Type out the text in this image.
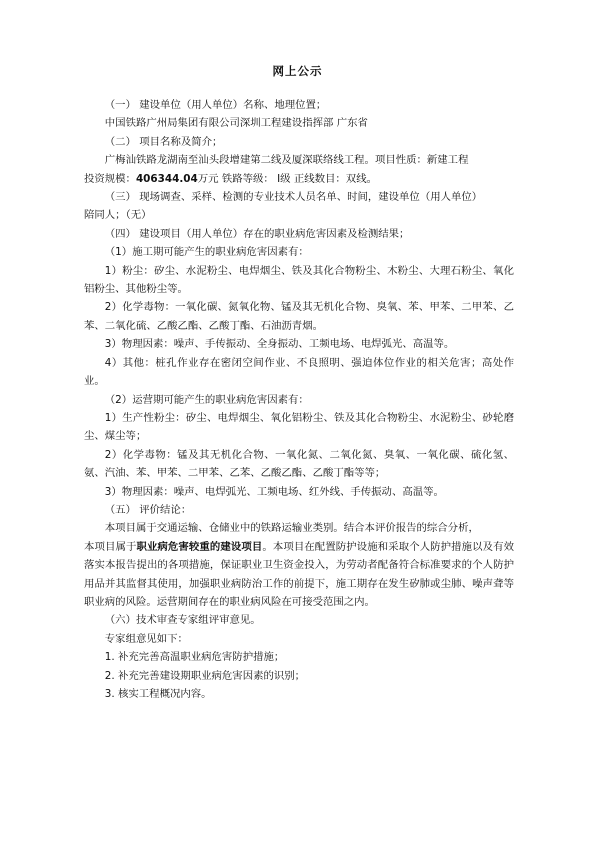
网上公示

（一） 建设单位（用人单位）名称、地理位置；

中国铁路广州局集团有限公司深圳工程建设指挥部 广东省

（二） 项目名称及简介；

广梅汕铁路龙湖南至汕头段增建第二线及厦深联络线工程。项目性质：新建工程

投资规模：406344.04万元 铁路等级： Ⅰ级 正线数目：双线。

（三） 现场调查、采样、检测的专业技术人员名单、时间，建设单位（用人单位）

陪同人；（无）

（四） 建设项目（用人单位）存在的职业病危害因素及检测结果；

（1）施工期可能产生的职业病危害因素有：

1）粉尘：矽尘、水泥粉尘、电焊烟尘、铁及其化合物粉尘、木粉尘、大理石粉尘、氧化铝粉尘、其他粉尘等。

2）化学毒物：一氧化碳、氮氧化物、锰及其无机化合物、臭氧、苯、甲苯、二甲苯、乙苯、二氧化硫、乙酸乙酯、乙酸丁酯、石油沥青烟。

3）物理因素：噪声、手传振动、全身振动、工频电场、电焊弧光、高温等。

4）其他：桩孔作业存在密闭空间作业、不良照明、强迫体位作业的相关危害；高处作业。

（2）运营期可能产生的职业病危害因素有：

1）生产性粉尘：矽尘、电焊烟尘、氧化铝粉尘、铁及其化合物粉尘、水泥粉尘、砂轮磨尘、煤尘等；

2）化学毒物：锰及其无机化合物、一氧化氮、二氧化氮、臭氧、一氧化碳、硫化氢、氨、汽油、苯、甲苯、二甲苯、乙苯、乙酸乙酯、乙酸丁酯等等；

3）物理因素：噪声、电焊弧光、工频电场、红外线、手传振动、高温等。

（五） 评价结论：

本项目属于交通运输、仓储业中的铁路运输业类别。结合本评价报告的综合分析，

本项目属于职业病危害较重的建设项目。本项目在配置防护设施和采取个人防护措施以及有效落实本报告提出的各项措施，保证职业卫生资金投入，为劳动者配备符合标准要求的个人防护用品并其监督其使用，加强职业病防治工作的前提下，施工期存在发生矽肺或尘肺、噪声聋等职业病的风险。运营期间存在的职业病风险在可接受范围之内。

（六）技术审查专家组评审意见。

专家组意见如下：

1. 补充完善高温职业病危害防护措施；

2. 补充完善建设期职业病危害因素的识别；

3. 核实工程概况内容。
